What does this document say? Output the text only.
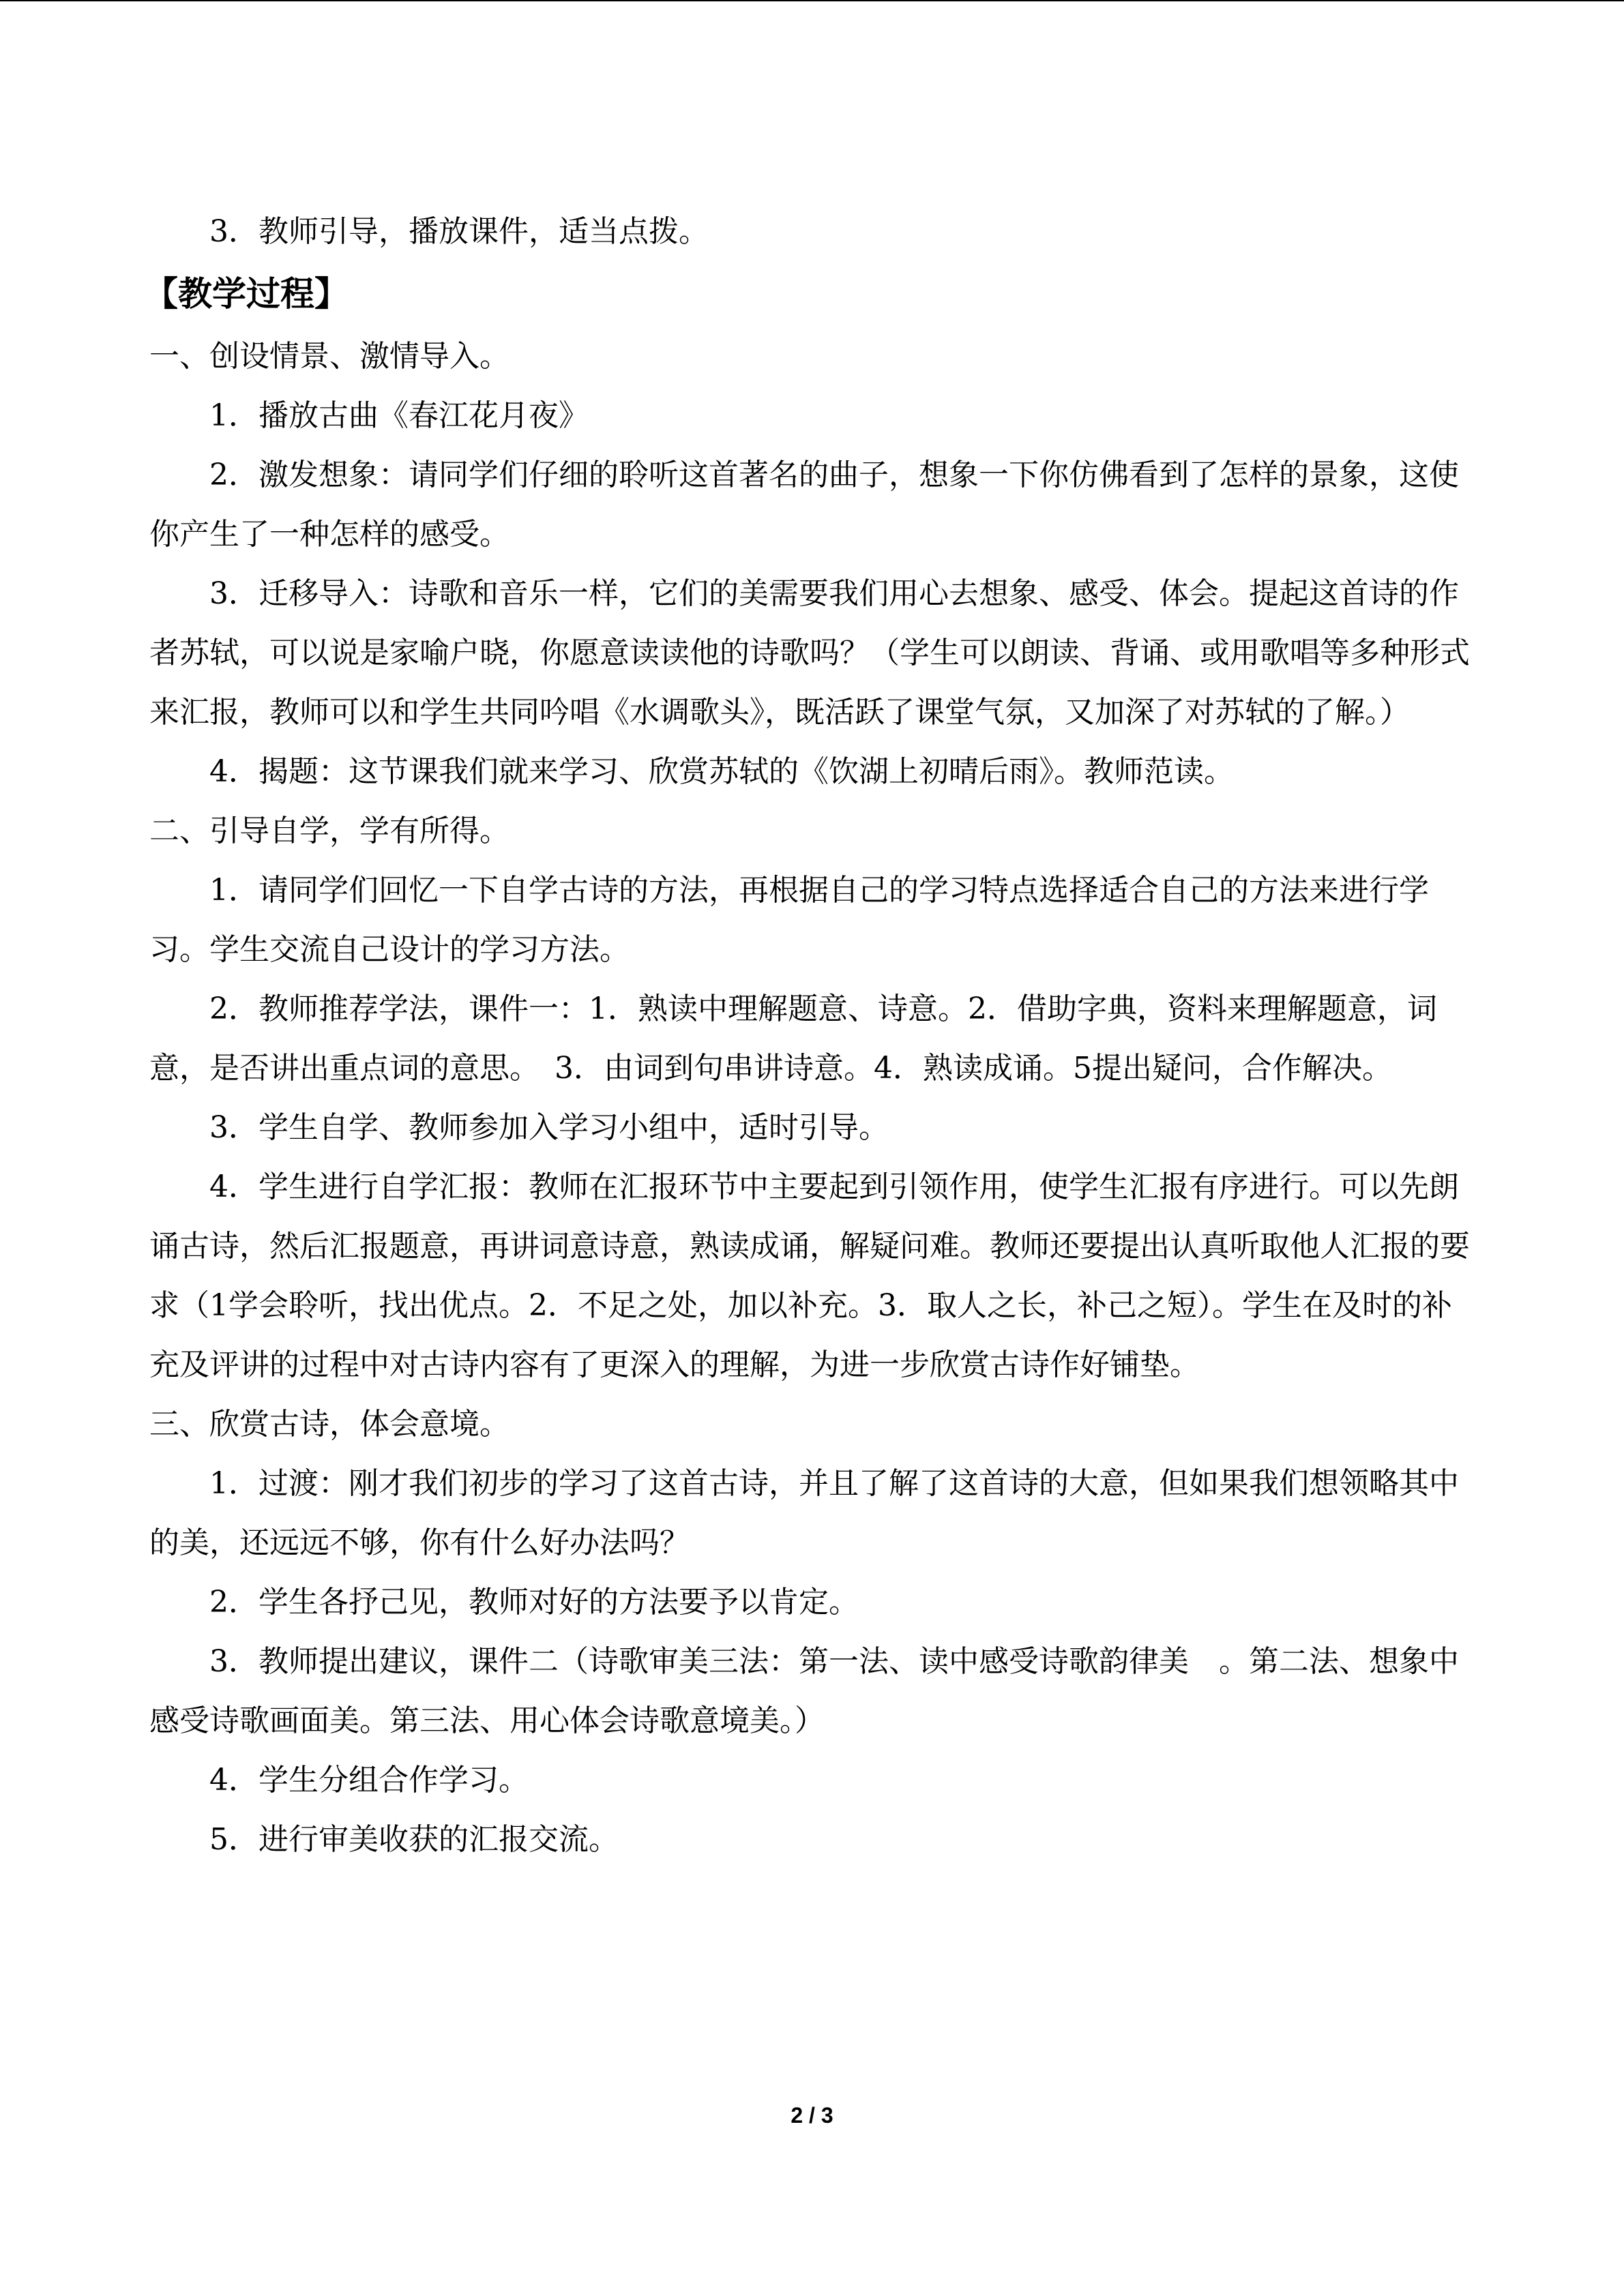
3．教师引导，播放课件，适当点拨。

【教学过程】

一、创设情景、激情导入。

1．播放古曲《春江花月夜》

2．激发想象：请同学们仔细的聆听这首著名的曲子，想象一下你仿佛看到了怎样的景象，这使你产生了一种怎样的感受。

3．迁移导入：诗歌和音乐一样，它们的美需要我们用心去想象、感受、体会。提起这首诗的作者苏轼，可以说是家喻户晓，你愿意读读他的诗歌吗？（学生可以朗读、背诵、或用歌唱等多种形式来汇报，教师可以和学生共同吟唱《水调歌头》，既活跃了课堂气氛，又加深了对苏轼的了解。）

4．揭题：这节课我们就来学习、欣赏苏轼的《饮湖上初晴后雨》。教师范读。

二、引导自学，学有所得。

1．请同学们回忆一下自学古诗的方法，再根据自己的学习特点选择适合自己的方法来进行学习。学生交流自己设计的学习方法。

2．教师推荐学法，课件一：1．熟读中理解题意、诗意。2．借助字典，资料来理解题意，词意，是否讲出重点词的意思。　3．由词到句串讲诗意。4．熟读成诵。5提出疑问，合作解决。

3．学生自学、教师参加入学习小组中，适时引导。

4．学生进行自学汇报：教师在汇报环节中主要起到引领作用，使学生汇报有序进行。可以先朗诵古诗，然后汇报题意，再讲词意诗意，熟读成诵，解疑问难。教师还要提出认真听取他人汇报的要求（1学会聆听，找出优点。2．不足之处，加以补充。3．取人之长，补己之短）。学生在及时的补充及评讲的过程中对古诗内容有了更深入的理解，为进一步欣赏古诗作好铺垫。

三、欣赏古诗，体会意境。

1．过渡：刚才我们初步的学习了这首古诗，并且了解了这首诗的大意，但如果我们想领略其中的美，还远远不够，你有什么好办法吗？

2．学生各抒己见，教师对好的方法要予以肯定。

3．教师提出建议，课件二（诗歌审美三法：第一法、读中感受诗歌韵律美　。第二法、想象中感受诗歌画面美。第三法、用心体会诗歌意境美。）

4．学生分组合作学习。

5．进行审美收获的汇报交流。

2 / 3
